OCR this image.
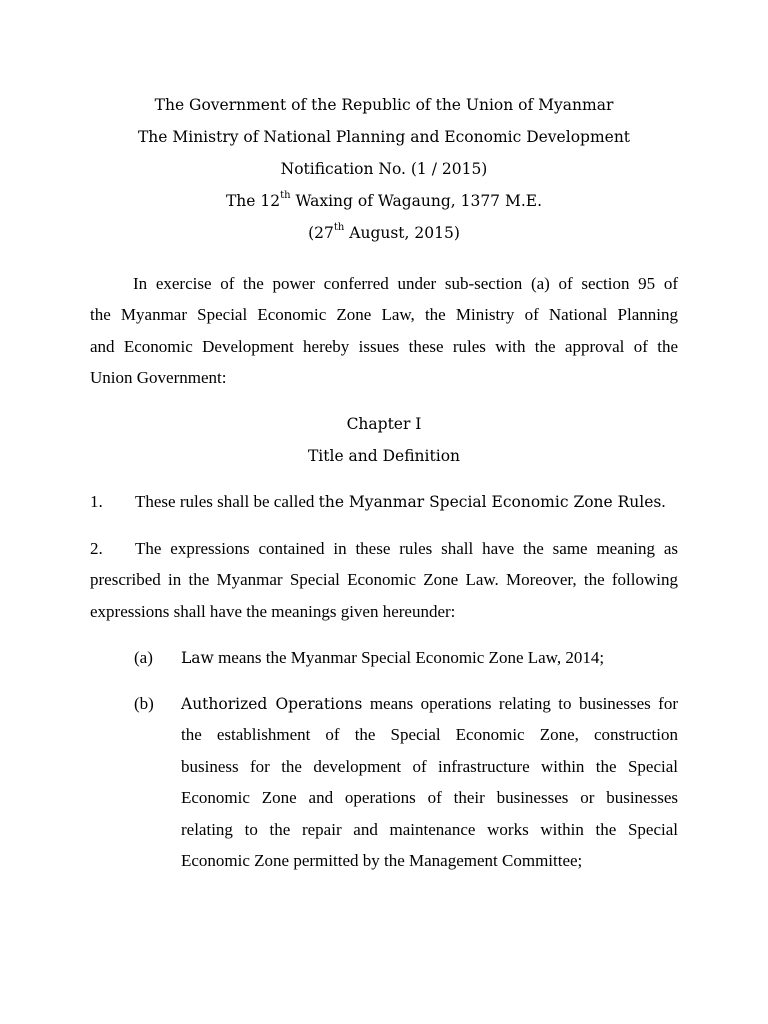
The Government of the Republic of the Union of Myanmar
The Ministry of National Planning and Economic Development
Notification No. (1 / 2015)
The 12th Waxing of Wagaung, 1377 M.E.
(27th August, 2015)
In exercise of the power conferred under sub-section (a) of section 95 of
the Myanmar Special Economic Zone Law, the Ministry of National Planning
and Economic Development hereby issues these rules with the approval of the
Union Government:
Chapter I
Title and Definition
1. These rules shall be called the Myanmar Special Economic Zone Rules.
2.	The expressions contained in these rules shall have the same meaning as
prescribed in the Myanmar Special Economic Zone Law. Moreover, the following
expressions shall have the meanings given hereunder:
(a) Law means the Myanmar Special Economic Zone Law, 2014;
(b) Authorized Operations means operations relating to businesses for
the establishment of the Special Economic Zone, construction
business for the development of infrastructure within the Special
Economic Zone and operations of their businesses or businesses
relating to the repair and maintenance works within the Special
Economic Zone permitted by the Management Committee;
